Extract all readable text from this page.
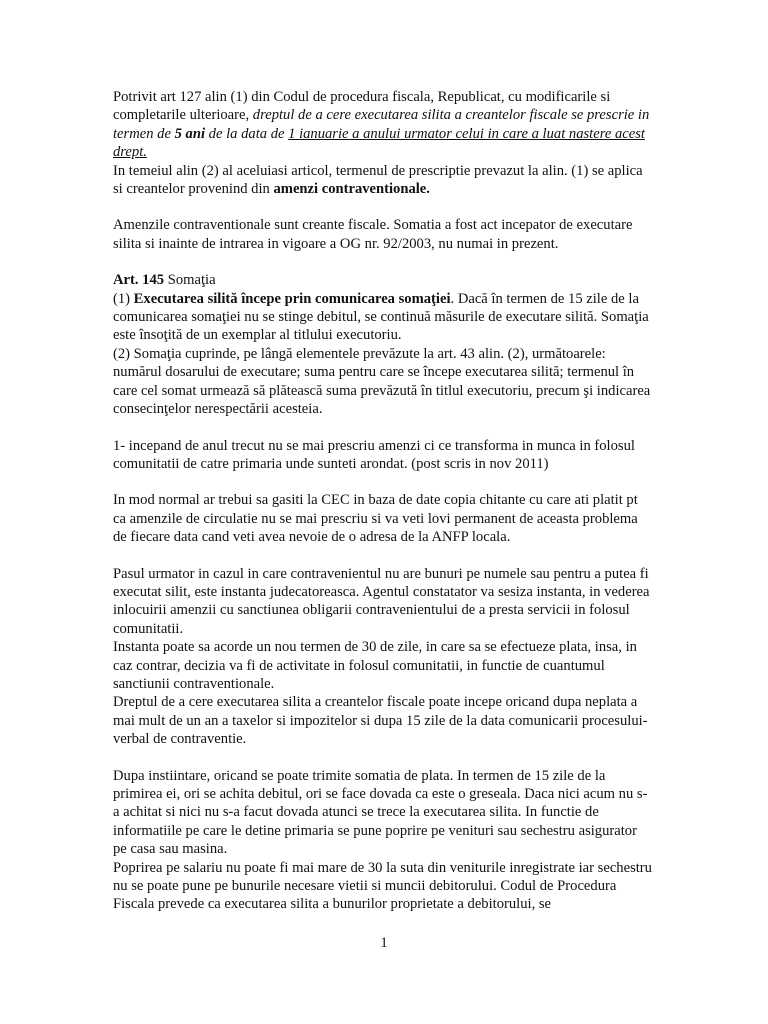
Potrivit art 127 alin (1) din Codul de procedura fiscala, Republicat, cu modificarile si completarile ulterioare, dreptul de a cere executarea silita a creantelor fiscale se prescrie in termen de 5 ani de la data de 1 ianuarie a anului urmator celui in care a luat nastere acest drept.

In temeiul alin (2) al aceluiasi articol, termenul de prescriptie prevazut la alin. (1) se aplica si creantelor provenind din amenzi contraventionale.

Amenzile contraventionale sunt creante fiscale. Somatia a fost act incepator de executare silita si inainte de intrarea in vigoare a OG nr. 92/2003, nu numai in prezent.

Art. 145 Somaţia

(1) Executarea silită începe prin comunicarea somaţiei. Dacă în termen de 15 zile de la comunicarea somaţiei nu se stinge debitul, se continuă măsurile de executare silită. Somaţia este însoţită de un exemplar al titlului executoriu.

(2) Somaţia cuprinde, pe lângă elementele prevăzute la art. 43 alin. (2), următoarele: numărul dosarului de executare; suma pentru care se începe executarea silită; termenul în care cel somat urmează să plătească suma prevăzută în titlul executoriu, precum şi indicarea consecinţelor nerespectării acesteia.

1- incepand de anul trecut nu se mai prescriu amenzi ci ce transforma in munca in folosul comunitatii de catre primaria unde sunteti arondat. (post scris in nov 2011)

In mod normal ar trebui sa gasiti la CEC in baza de date copia chitante cu care ati platit pt ca amenzile de circulatie nu se mai prescriu si va veti lovi permanent de aceasta problema de fiecare data cand veti avea nevoie de o adresa de la ANFP locala.

Pasul urmator in cazul in care contravenientul nu are bunuri pe numele sau pentru a putea fi executat silit, este instanta judecatoreasca. Agentul constatator va sesiza instanta, in vederea inlocuirii amenzii cu sanctiunea obligarii contravenientului de a presta servicii in folosul comunitatii.

Instanta poate sa acorde un nou termen de 30 de zile, in care sa se efectueze plata, insa, in caz contrar, decizia va fi de activitate in folosul comunitatii, in functie de cuantumul sanctiunii contraventionale.

Dreptul de a cere executarea silita a creantelor fiscale poate incepe oricand dupa neplata a mai mult de un an a taxelor si impozitelor si dupa 15 zile de la data comunicarii procesului-verbal de contraventie.

Dupa instiintare, oricand se poate trimite somatia de plata. In termen de 15 zile de la primirea ei, ori se achita debitul, ori se face dovada ca este o greseala. Daca nici acum nu s-a achitat si nici nu s-a facut dovada atunci se trece la executarea silita. In functie de informatiile pe care le detine primaria se pune poprire pe venituri sau sechestru asigurator pe casa sau masina.

Poprirea pe salariu nu poate fi mai mare de 30 la suta din veniturile inregistrate iar sechestru nu se poate pune pe bunurile necesare vietii si muncii debitorului. Codul de Procedura Fiscala prevede ca executarea silita a bunurilor proprietate a debitorului, se

1
